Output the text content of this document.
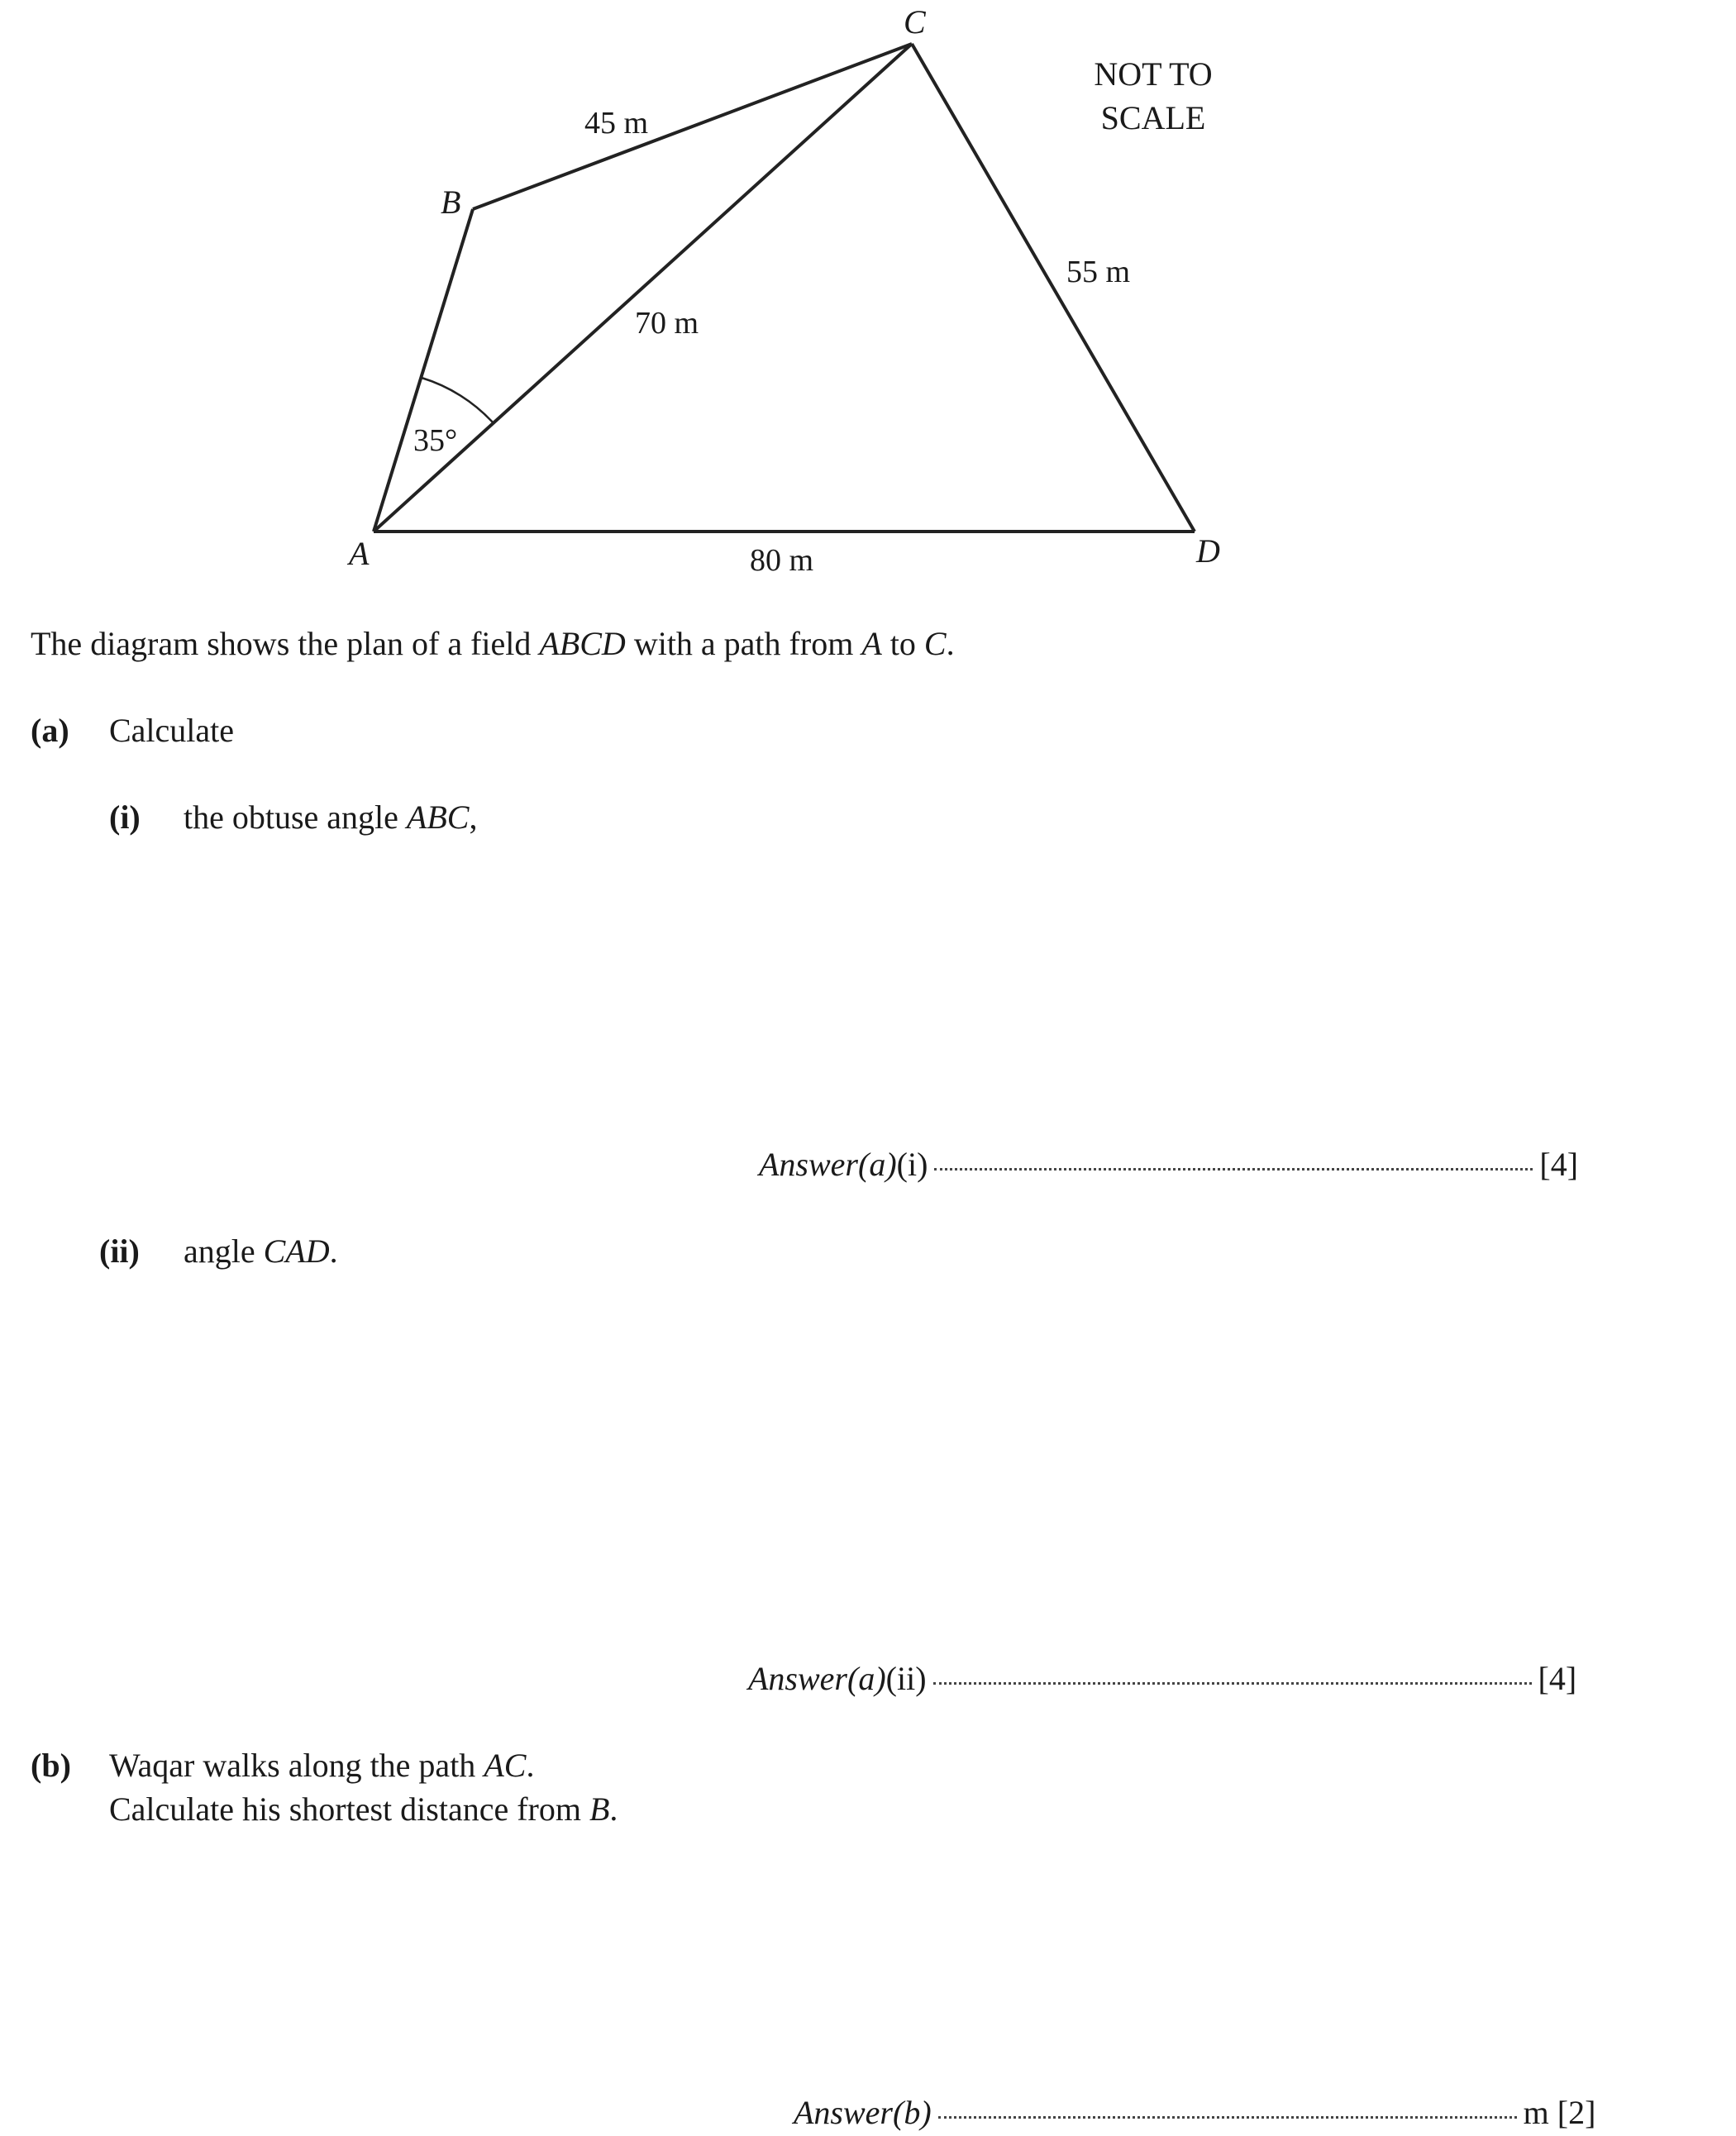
A
B
C
D
45 m
70 m
55 m
80 m
35°
NOT TO
SCALE
The diagram shows the plan of a field ABCD with a path from A to C.
(a) Calculate
(i) the obtuse angle ABC,
Answer(a) (i)	[4]
(ii) angle CAD.
Answer(a) (ii)	[4]
(b) Waqar walks along the path AC.
Calculate his shortest distance from B.
Answer(b)	m
[2]
